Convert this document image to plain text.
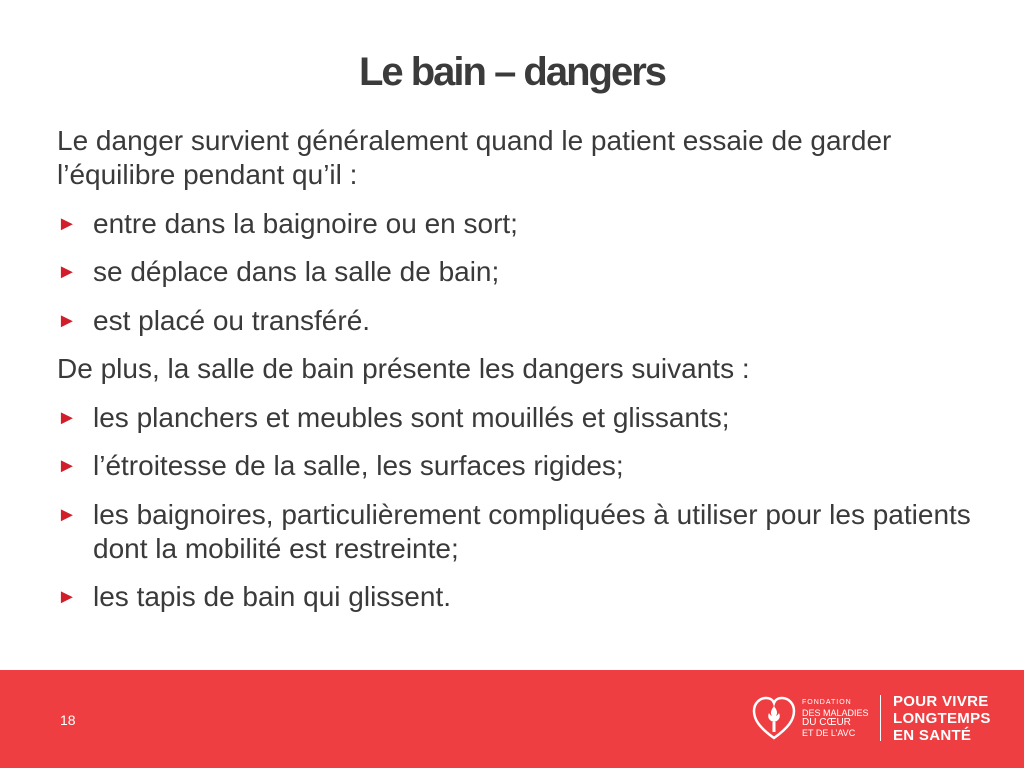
Le bain – dangers

Le danger survient généralement quand le patient essaie de garder l’équilibre pendant qu’il :

► entre dans la baignoire ou en sort;
► se déplace dans la salle de bain;
► est placé ou transféré.

De plus, la salle de bain présente les dangers suivants :

► les planchers et meubles sont mouillés et glissants;
► l’étroitesse de la salle, les surfaces rigides;
► les baignoires, particulièrement compliquées à utiliser pour les patients dont la mobilité est restreinte;
► les tapis de bain qui glissent.
18
FONDATION
DES MALADIES
DU CŒUR
ET DE L’AVC
POUR VIVRE
LONGTEMPS
EN SANTÉ
